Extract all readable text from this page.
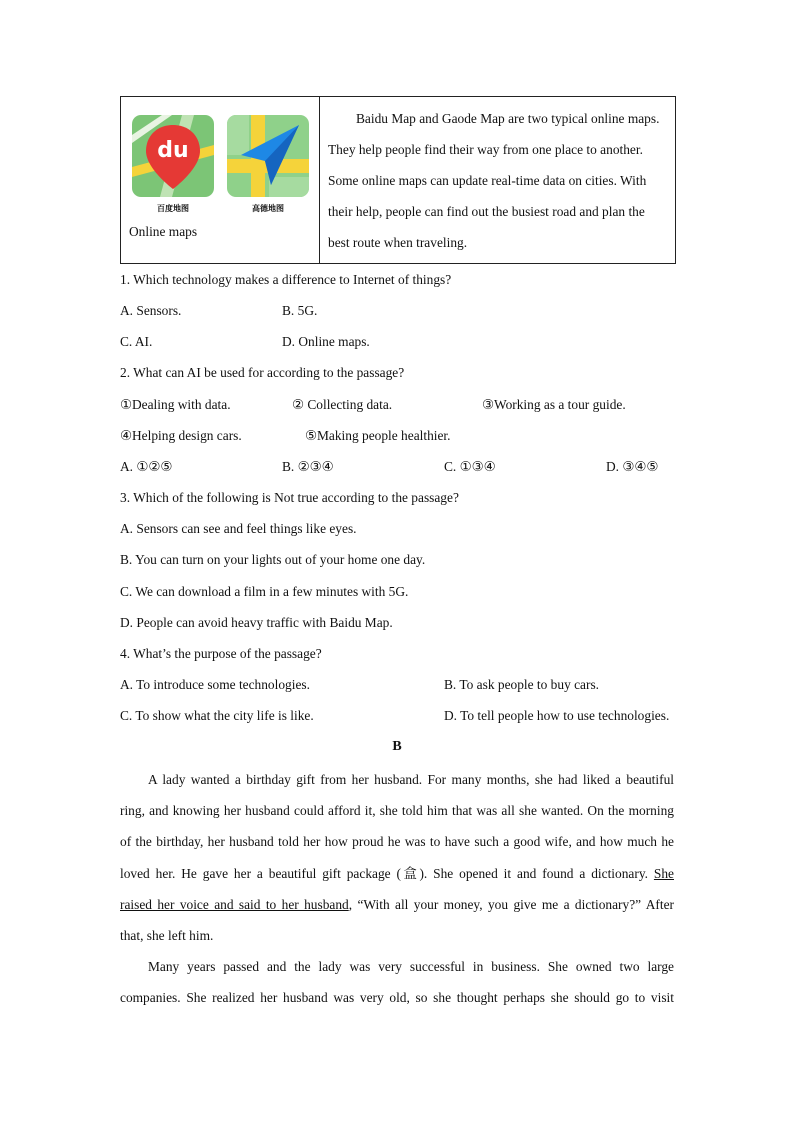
du
百度地图	高德地图
Online maps
Baidu Map and Gaode Map are two typical online maps.
They help people find their way from one place to another.
Some online maps can update real-time data on cities. With
their help, people can find out the busiest road and plan the
best route when traveling.
1. Which technology makes a difference to Internet of things?
A. Sensors.	B. 5G.
C. AI.	D. Online maps.
2. What can AI be used for according to the passage?
①Dealing with data.	② Collecting data.	③Working as a tour guide.
④Helping design cars.	⑤Making people healthier.
A. ①②⑤	B. ②③④	C. ①③④	D. ③④⑤
3. Which of the following is Not true according to the passage?
A. Sensors can see and feel things like eyes.
B. You can turn on your lights out of your home one day.
C. We can download a film in a few minutes with 5G.
D. People can avoid heavy traffic with Baidu Map.
4. What’s the purpose of the passage?
A. To introduce some technologies.	B. To ask people to buy cars.
C. To show what the city life is like.	D. To tell people how to use technologies.
B
A lady wanted a birthday gift from her husband. For many months, she had liked a beautiful
ring, and knowing her husband could afford it, she told him that was all she wanted. On the morning
of the birthday, her husband told her how proud he was to have such a good wife, and how much he
loved her. He gave her a beautiful gift package (盒). She opened it and found a dictionary. She
raised her voice and said to her husband, “With all your money, you give me a dictionary?” After
that, she left him.
Many years passed and the lady was very successful in business. She owned two large
companies. She realized her husband was very old, so she thought perhaps she should go to visit
